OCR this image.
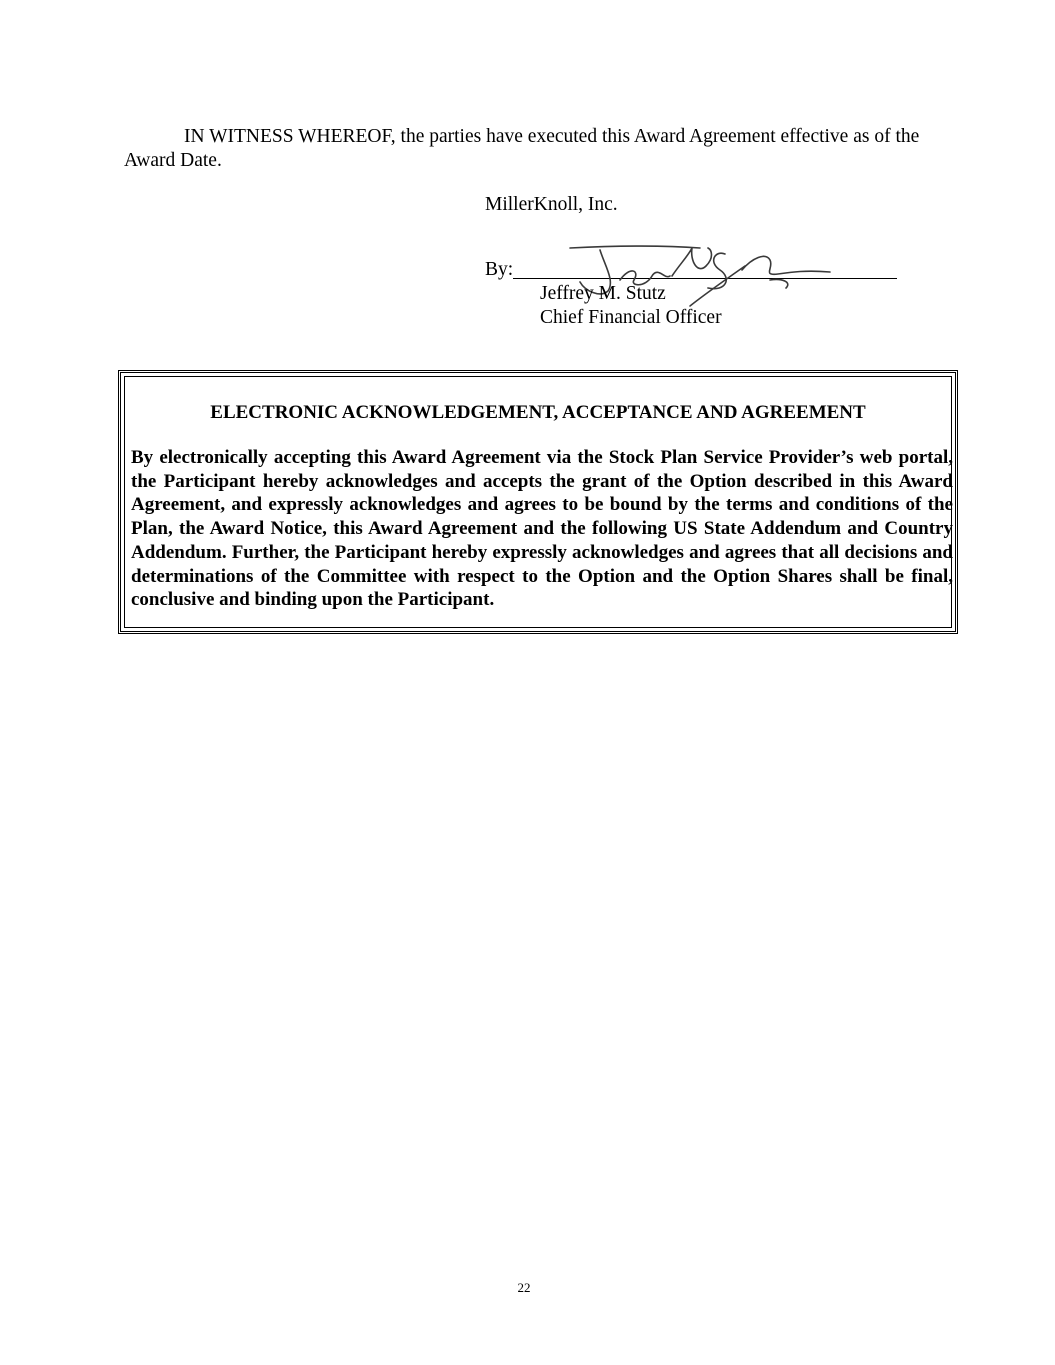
IN WITNESS WHEREOF, the parties have executed this Award Agreement effective as of the Award Date.

MillerKnoll, Inc.

By:

Jeffrey M. Stutz

Chief Financial Officer

ELECTRONIC ACKNOWLEDGEMENT, ACCEPTANCE AND AGREEMENT

By electronically accepting this Award Agreement via the Stock Plan Service Provider’s web portal, the Participant hereby acknowledges and accepts the grant of the Option described in this Award Agreement, and expressly acknowledges and agrees to be bound by the terms and conditions of the Plan, the Award Notice, this Award Agreement and the following US State Addendum and Country Addendum. Further, the Participant hereby expressly acknowledges and agrees that all decisions and determinations of the Committee with respect to the Option and the Option Shares shall be final, conclusive and binding upon the Participant.

22
